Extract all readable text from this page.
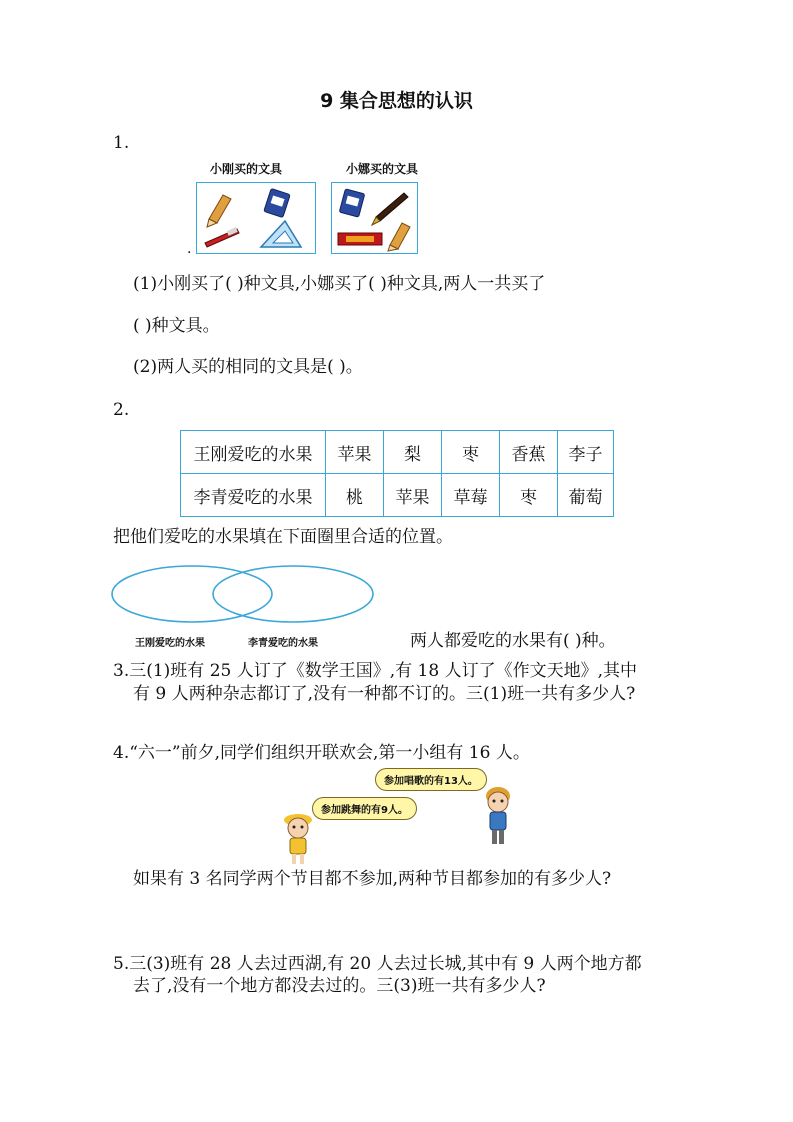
9 集合思想的认识
1.
小刚买的文具	小娜买的文具
.
(1)小刚买了( )种文具,小娜买了( )种文具,两人一共买了
( )种文具。
(2)两人买的相同的文具是( )。
2.
王刚爱吃的水果	苹果	梨	枣	香蕉	李子
李青爱吃的水果	桃	苹果	草莓	枣	葡萄
把他们爱吃的水果填在下面圈里合适的位置。
王刚爱吃的水果	李青爱吃的水果	两人都爱吃的水果有( )种。
3.三(1)班有 25 人订了《数学王国》,有 18 人订了《作文天地》,其中
有 9 人两种杂志都订了,没有一种都不订的。三(1)班一共有多少人?
4.“六一”前夕,同学们组织开联欢会,第一小组有 16 人。
参加唱歌的有13人。
参加跳舞的有9人。
如果有 3 名同学两个节目都不参加,两种节目都参加的有多少人?
5.三(3)班有 28 人去过西湖,有 20 人去过长城,其中有 9 人两个地方都
去了,没有一个地方都没去过的。三(3)班一共有多少人?
